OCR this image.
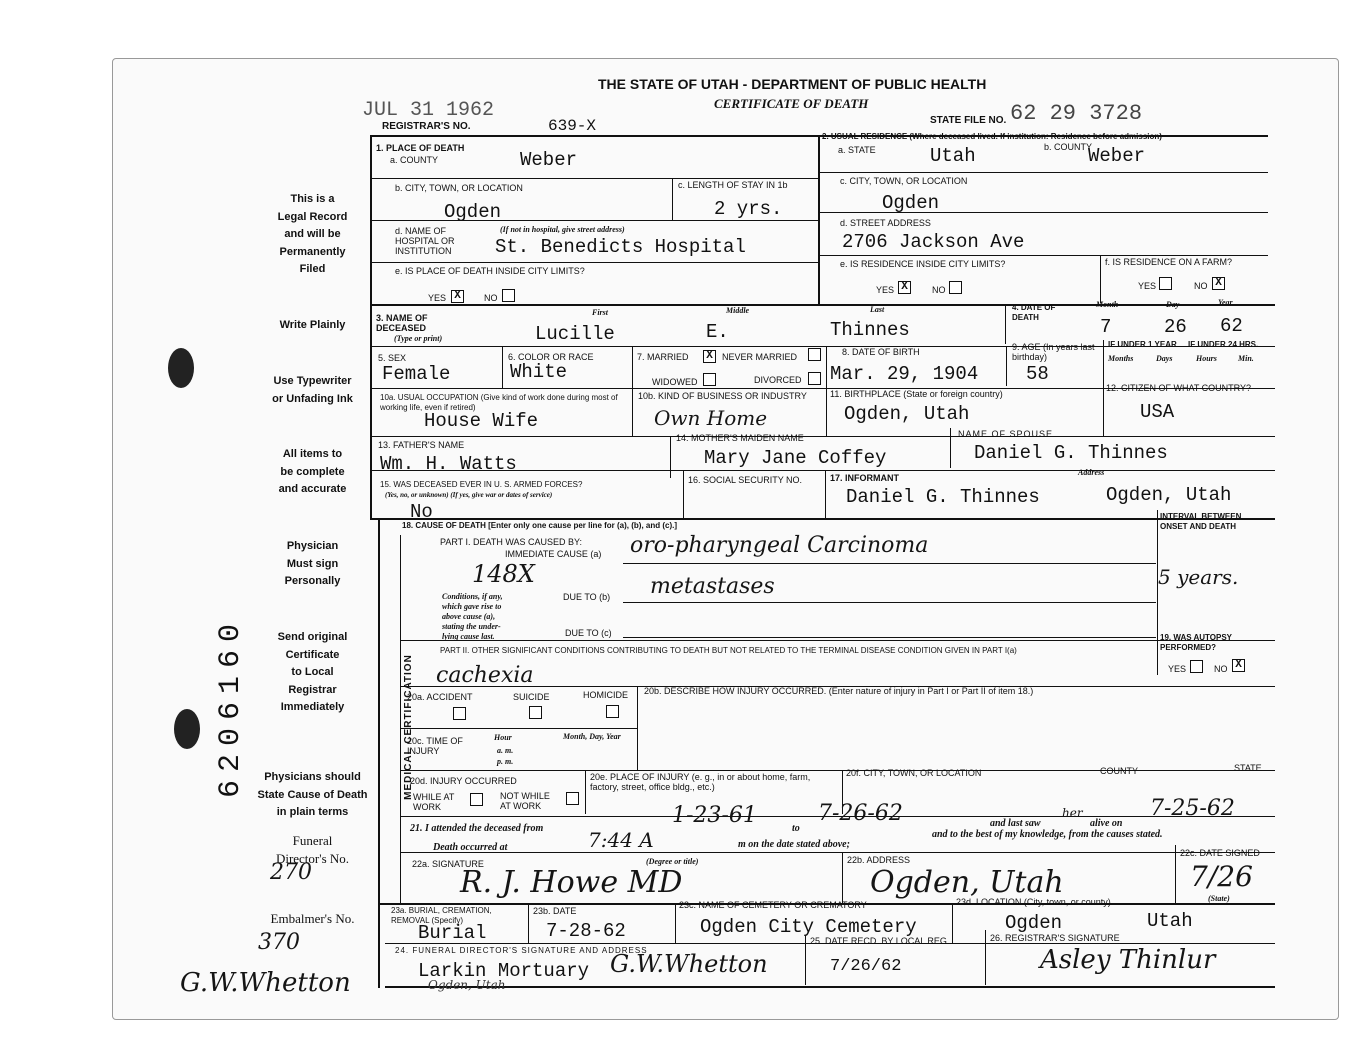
JUL 31 1962
This is a
Legal Record
and will be
Permanently
Filed
Write Plainly
Use Typewriter
or Unfading Ink
All items to
be complete
and accurate
Physician
Must sign
Personally
Send original
Certificate
to Local
Registrar
Immediately
Physicians should
State Cause of Death
in plain terms
Funeral
Director's No.
270
Embalmer's No.
370
G.W.Whetton
6206160
THE STATE OF UTAH - DEPARTMENT OF PUBLIC HEALTH
CERTIFICATE OF DEATH
REGISTRAR'S NO.	639-X	STATE FILE NO. 62 29 3728
1. PLACE OF DEATH
a. COUNTY	Weber
2. USUAL RESIDENCE (Where deceased lived. If institution: Residence before admission)
a. STATE	Utah	b. COUNTY
Weber
b. CITY, TOWN, OR LOCATION
Ogden
c. LENGTH OF STAY IN 1b
2 yrs.
c. CITY, TOWN, OR LOCATION
Ogden
d. NAME OF HOSPITAL OR INSTITUTION
(If not in hospital, give street address)
St. Benedicts Hospital
d. STREET ADDRESS
2706 Jackson Ave
e. IS PLACE OF DEATH INSIDE CITY LIMITS?
YES X	NO
e. IS RESIDENCE INSIDE CITY LIMITS?
YES X	NO
f. IS RESIDENCE ON A FARM?
YES	NO X
3. NAME OF DECEASED
(Type or print)
First	Middle	Last
Lucille	E.	Thinnes
4. DATE OF DEATH
Month	Day	Year
7	26 62
5. SEX
Female
6. COLOR OR RACE
White
7. MARRIED X	NEVER MARRIED
WIDOWED	DIVORCED
8. DATE OF BIRTH
Mar. 29, 1904
9. AGE (In years last birthday)
58
IF UNDER 1 YEAR IF UNDER 24 HRS.
Months	Days	Hours	Min.
10a. USUAL OCCUPATION (Give kind of work done during most of working life, even if retired)
House Wife
10b. KIND OF BUSINESS OR INDUSTRY
Own Home
11. BIRTHPLACE (State or foreign country)
Ogden, Utah
12. CITIZEN OF WHAT COUNTRY?
USA
13. FATHER'S NAME
Wm. H. Watts
14. MOTHER'S MAIDEN NAME
Mary Jane Coffey
NAME OF SPOUSE
Daniel G. Thinnes
15. WAS DECEASED EVER IN U. S. ARMED FORCES?
(Yes, no, or unknown) (If yes, give war or dates of service)
No
16. SOCIAL SECURITY NO.	17. INFORMANT
Address
Daniel G. Thinnes	Ogden, Utah
MEDICAL CERTIFICATION
18. CAUSE OF DEATH [Enter only one cause per line for (a), (b), and (c).]
INTERVAL BETWEEN ONSET AND DEATH
PART I. DEATH WAS CAUSED BY:
IMMEDIATE CAUSE (a) oro-pharyngeal Carcinoma
5 years.
148X
Conditions, if any,
which gave rise to
above cause (a),
stating the under-
lying cause last.
DUE TO (b) metastases
DUE TO (c)
PART II. OTHER SIGNIFICANT CONDITIONS CONTRIBUTING TO DEATH BUT NOT RELATED TO THE TERMINAL DISEASE CONDITION GIVEN IN PART I(a)
cachexia
19. WAS AUTOPSY PERFORMED?
YES	NO X
20a. ACCIDENT	SUICIDE	HOMICIDE 20b. DESCRIBE HOW INJURY OCCURRED. (Enter nature of injury in Part I or Part II of item 18.)
20c. TIME OF INJURY
Hour
a. m.
p. m.
Month, Day, Year
20d. INJURY OCCURRED
WHILE AT WORK
NOT WHILE AT WORK
20e. PLACE OF INJURY (e. g., in or about home, farm, factory, street, office bldg., etc.)
20f. CITY, TOWN, OR LOCATION	COUNTY	STATE
21. I attended the deceased from
1-23-61
to
7-26-62	and last saw
her
alive on
7-25-62
and to the best of my knowledge, from the causes stated.
Death occurred at	7:44 A	m on the date stated above;
22a. SIGNATURE	(Degree or title)
R. J. Howe MD
22b. ADDRESS
Ogden, Utah
22c. DATE SIGNED
7/26
23a. BURIAL, CREMATION, REMOVAL (Specify)
Burial
23b. DATE
7-28-62
23c. NAME OF CEMETERY OR CREMATORY
Ogden City Cemetery
23d. LOCATION (City, town, or county)	(State)
Ogden	Utah
24. FUNERAL DIRECTOR'S SIGNATURE AND ADDRESS
Larkin Mortuary G.W.Whetton
Ogden, Utah
25. DATE RECD. BY LOCAL REG.
7/26/62
26. REGISTRAR'S SIGNATURE
Asley Thinlur
